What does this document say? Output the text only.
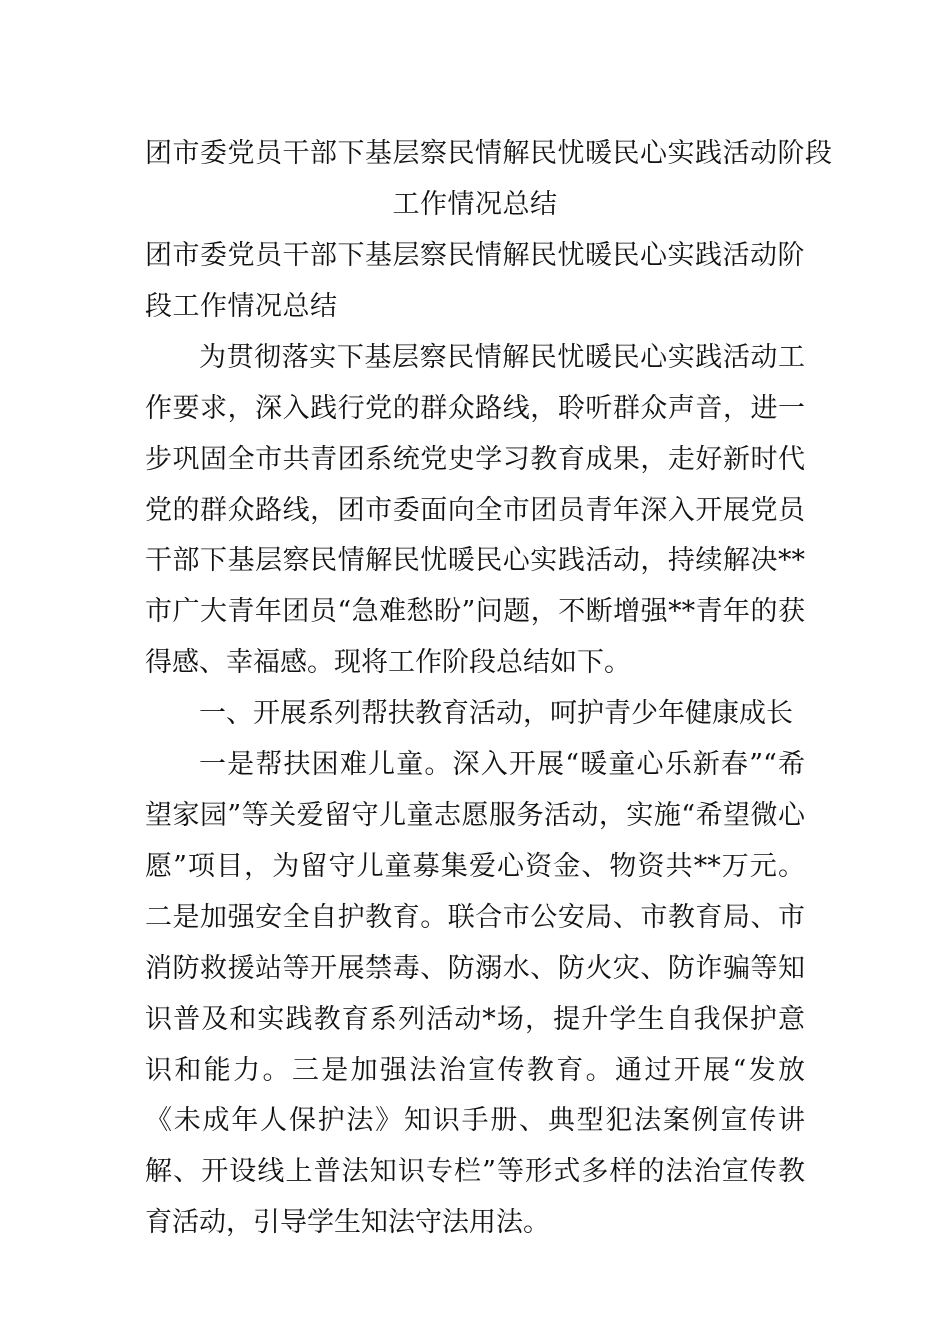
团市委党员干部下基层察民情解民忧暖民心实践活动阶段
工作情况总结

团市委党员干部下基层察民情解民忧暖民心实践活动阶段工作情况总结

为贯彻落实下基层察民情解民忧暖民心实践活动工作要求，深入践行党的群众路线，聆听群众声音，进一步巩固全市共青团系统党史学习教育成果，走好新时代党的群众路线，团市委面向全市团员青年深入开展党员干部下基层察民情解民忧暖民心实践活动，持续解决**市广大青年团员“急难愁盼”问题，不断增强**青年的获得感、幸福感。现将工作阶段总结如下。

一、开展系列帮扶教育活动，呵护青少年健康成长

一是帮扶困难儿童。深入开展“暖童心乐新春”“希望家园”等关爱留守儿童志愿服务活动，实施“希望微心愿”项目，为留守儿童募集爱心资金、物资共**万元。二是加强安全自护教育。联合市公安局、市教育局、市消防救援站等开展禁毒、防溺水、防火灾、防诈骗等知识普及和实践教育系列活动*场，提升学生自我保护意识和能力。三是加强法治宣传教育。通过开展“发放《未成年人保护法》知识手册、典型犯法案例宣传讲解、开设线上普法知识专栏”等形式多样的法治宣传教育活动，引导学生知法守法用法。
